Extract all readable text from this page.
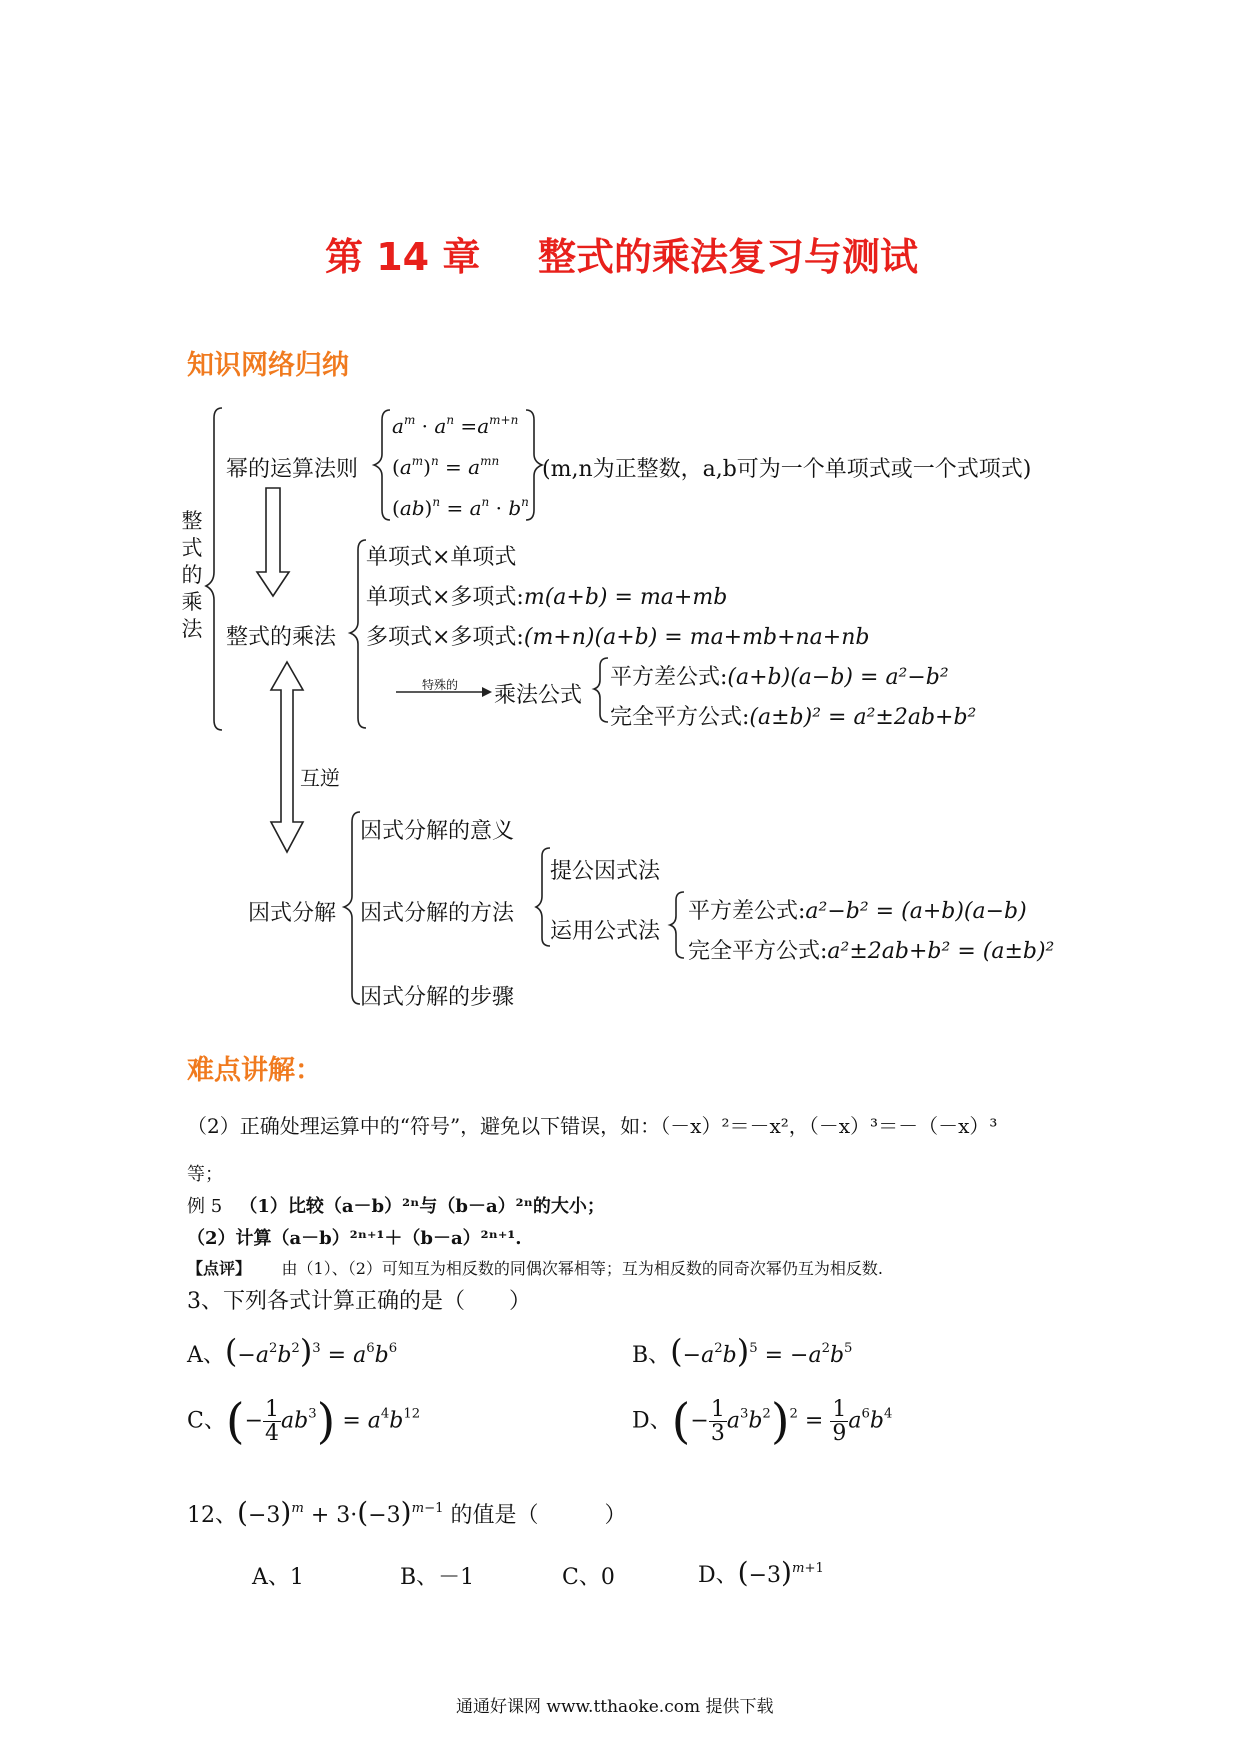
第 14 章 整式的乘法复习与测试
知识网络归纳
整
式
的
乘
法
幂的运算法则
$a^m \cdot a^n =a^{m+n}$
$(a^m)^n = a^{mn}$
$(ab)^n = a^n \cdot b^n$
(m,n为正整数，a,b可为一个单项式或一个式项式)
整式的乘法
单项式×单项式
单项式×多项式:m(a+b) = ma+mb
多项式×多项式:(m+n)(a+b) = ma+mb+na+nb
特殊的 乘法公式
平方差公式:(a+b)(a−b) = a²−b²
完全平方公式:(a±b)² = a²±2ab+b²
互逆
因式分解
因式分解的意义
因式分解的方法
因式分解的步骤
提公因式法
运用公式法
平方差公式:a²−b² = (a+b)(a−b)
完全平方公式:a²±2ab+b² = (a±b)²
难点讲解：
（2）正确处理运算中的“符号”，避免以下错误，如：（－x）²＝－x²，（－x）³＝－（－x）³
等；
例 5 （1）比较（a－b）²ⁿ与（b－a）²ⁿ的大小；
（2）计算（a－b）²ⁿ⁺¹＋（b－a）²ⁿ⁺¹.
【点评】 由（1）、（2）可知互为相反数的同偶次幂相等；互为相反数的同奇次幂仍互为相反数.
3、下列各式计算正确的是（　　）
A、$(-a^2b^2)^3 = a^6b^6$	B、$(-a^2b)^5 = -a^2b^5$
C、(− $\frac{1}{4} ab^3) = a^4b^{12}$	D、(− $\frac{1}{3} a^3b^2)^2 = \frac{1}{9} a^6b^4$
12、$(-3)^m + 3\cdot(-3)^{m-1}$ 的值是（　　　）
A、1	B、－1	C、0	D、$(-3)^{m+1}$
通通好课网 www.tthaoke.com 提供下载
